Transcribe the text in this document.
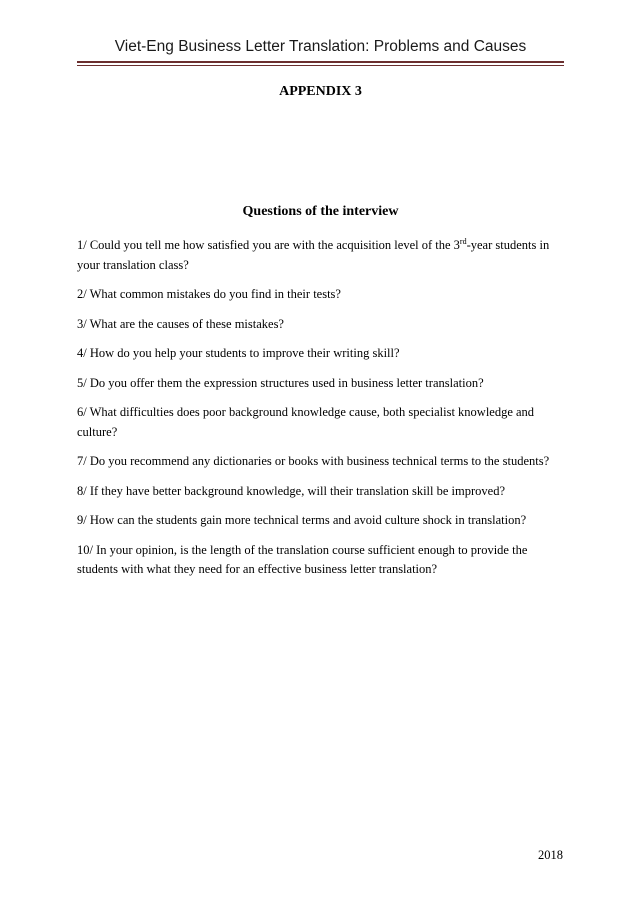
Viet-Eng Business Letter Translation: Problems and Causes
APPENDIX 3
Questions of the interview

1/ Could you tell me how satisfied you are with the acquisition level of the 3rd-year students in your translation class?

2/ What common mistakes do you find in their tests?

3/ What are the causes of these mistakes?

4/ How do you help your students to improve their writing skill?

5/ Do you offer them the expression structures used in business letter translation?

6/ What difficulties does poor background knowledge cause, both specialist knowledge and culture?

7/ Do you recommend any dictionaries or books with business technical terms to the students?

8/ If they have better background knowledge, will their translation skill be improved?

9/ How can the students gain more technical terms and avoid culture shock in translation?

10/ In your opinion, is the length of the translation course sufficient enough to provide the students with what they need for an effective business letter translation?

2018
